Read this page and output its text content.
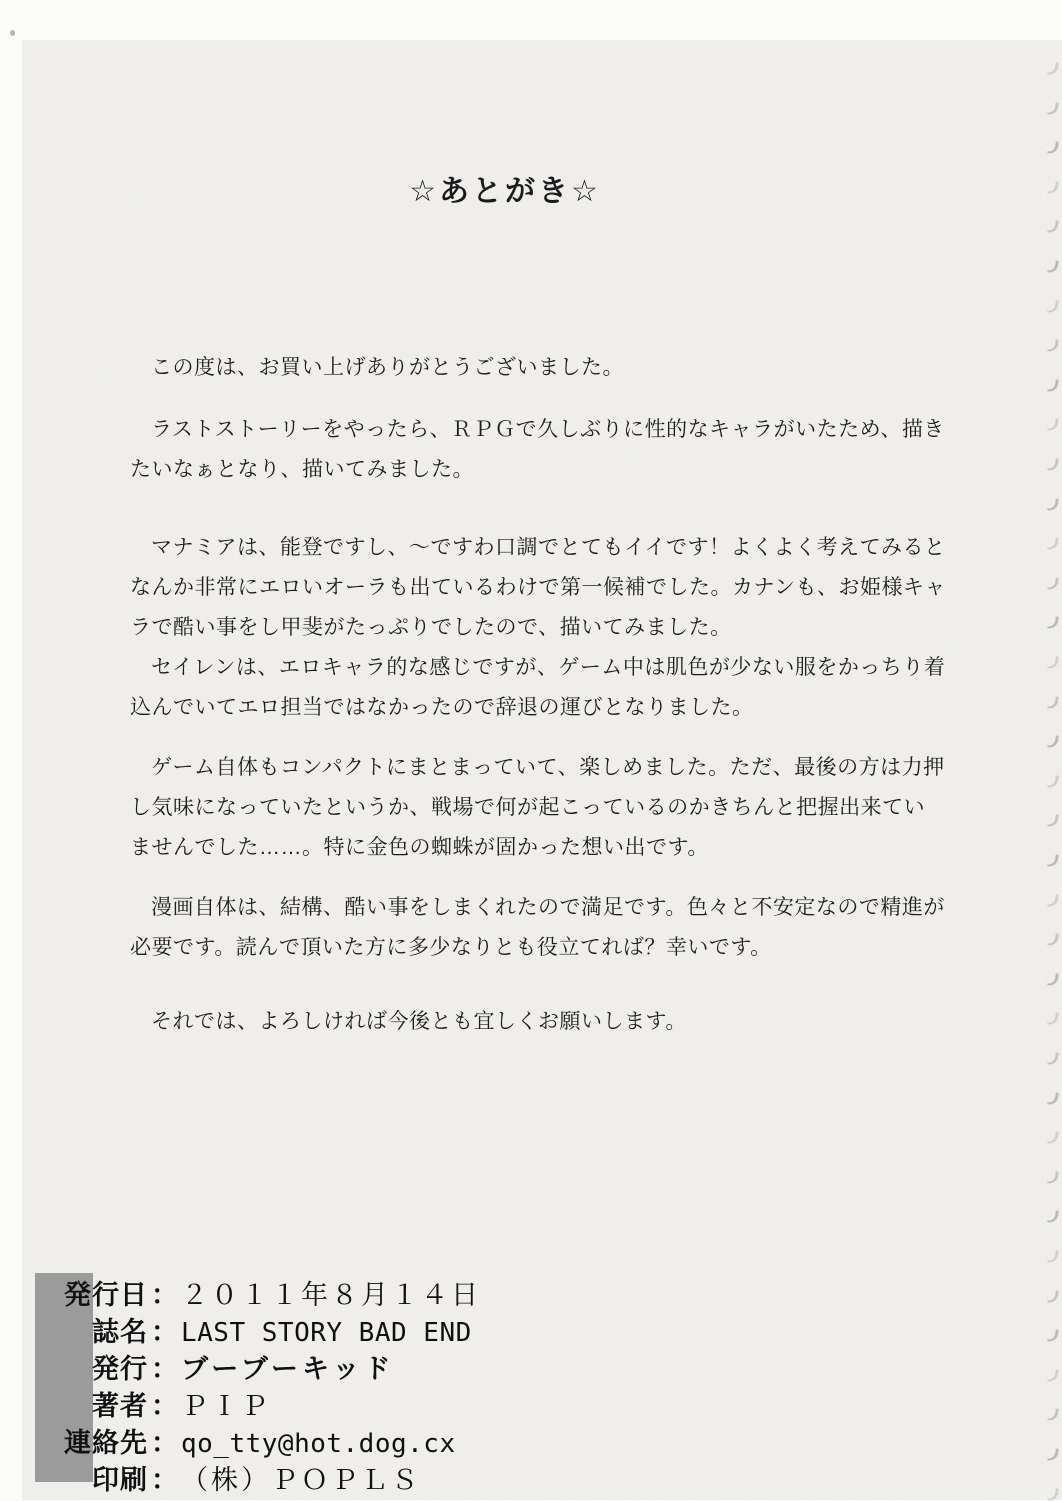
☆あとがき☆

この度は、お買い上げありがとうございました。

ラストストーリーをやったら、ＲＰＧで久しぶりに性的なキャラがいたため、描きたいなぁとなり、描いてみました。

マナミアは、能登ですし、～ですわ口調でとてもイイです！よくよく考えてみるとなんか非常にエロいオーラも出ているわけで第一候補でした。カナンも、お姫様キャラで酷い事をし甲斐がたっぷりでしたので、描いてみました。

セイレンは、エロキャラ的な感じですが、ゲーム中は肌色が少ない服をかっちり着込んでいてエロ担当ではなかったので辞退の運びとなりました。

ゲーム自体もコンパクトにまとまっていて、楽しめました。ただ、最後の方は力押し気味になっていたというか、戦場で何が起こっているのかきちんと把握出来ていませんでした……。特に金色の蜘蛛が固かった想い出です。

漫画自体は、結構、酷い事をしまくれたので満足です。色々と不安定なので精進が必要です。読んで頂いた方に多少なりとも役立てれば？幸いです。

それでは、よろしければ今後とも宜しくお願いします。

発行日 ： ２０１１年８月１４日
誌名 ： LAST STORY BAD END
発行 ： ブーブーキッド
著者 ： ＰＩＰ
連絡先 ： qo_tty@hot.dog.cx
印刷 ： （株）ＰＯＰＬＳ
